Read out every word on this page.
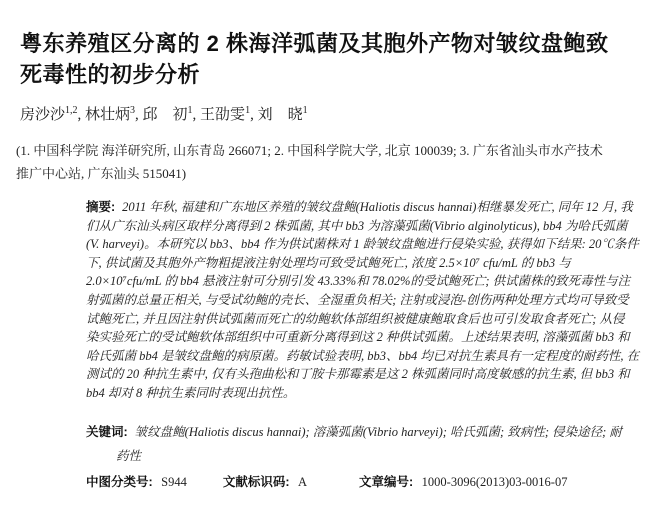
粤东养殖区分离的 2 株海洋弧菌及其胞外产物对皱纹盘鲍致
死毒性的初步分析
房沙沙$^{1,2}$, 林壮炳$^3$, 邱    初$^1$, 王劭雯$^1$, 刘    晓$^1$
(1. 中国科学院 海洋研究所, 山东青岛 266071; 2. 中国科学院大学, 北京 100039; 3. 广东省汕头市水产技术
推广中心站, 广东汕头 515041)
摘要: 2011 年秋, 福建和广东地区养殖的皱纹盘鲍(Haliotis discus hannai)相继暴发死亡, 同年 12 月, 我
们从广东汕头病区取样分离得到 2 株弧菌, 其中 bb3 为溶藻弧菌(Vibrio alginolyticus), bb4 为哈氏弧菌
(V. harveyi)。本研究以 bb3、bb4 作为供试菌株对 1 龄皱纹盘鲍进行侵染实验, 获得如下结果: 20℃条件
下, 供试菌及其胞外产物粗提液注射处理均可致受试鲍死亡, 浓度 2.5×10⁷ cfu/mL 的 bb3 与
2.0×10⁷cfu/mL 的 bb4 悬液注射可分别引发 43.33%和 78.02%的受试鲍死亡; 供试菌株的致死毒性与注
射弧菌的总量正相关, 与受试幼鲍的壳长、全湿重负相关; 注射或浸泡-创伤两种处理方式均可导致受
试鲍死亡, 并且因注射供试弧菌而死亡的幼鲍软体部组织被健康鲍取食后也可引发取食者死亡; 从侵
染实验死亡的受试鲍软体部组织中可重新分离得到这 2 种供试弧菌。上述结果表明, 溶藻弧菌 bb3 和
哈氏弧菌 bb4 是皱纹盘鲍的病原菌。药敏试验表明, bb3、bb4 均已对抗生素具有一定程度的耐药性, 在
测试的 20 种抗生素中, 仅有头孢曲松和丁胺卡那霉素是这 2 株弧菌同时高度敏感的抗生素, 但 bb3 和
bb4 却对 8 种抗生素同时表现出抗性。
关键词: 皱纹盘鲍(Haliotis discus hannai); 溶藻弧菌(Vibrio harveyi); 哈氏弧菌; 致病性; 侵染途径; 耐
药性
中图分类号: S944	文献标识码: A	文章编号: 1000-3096(2013)03-0016-07
